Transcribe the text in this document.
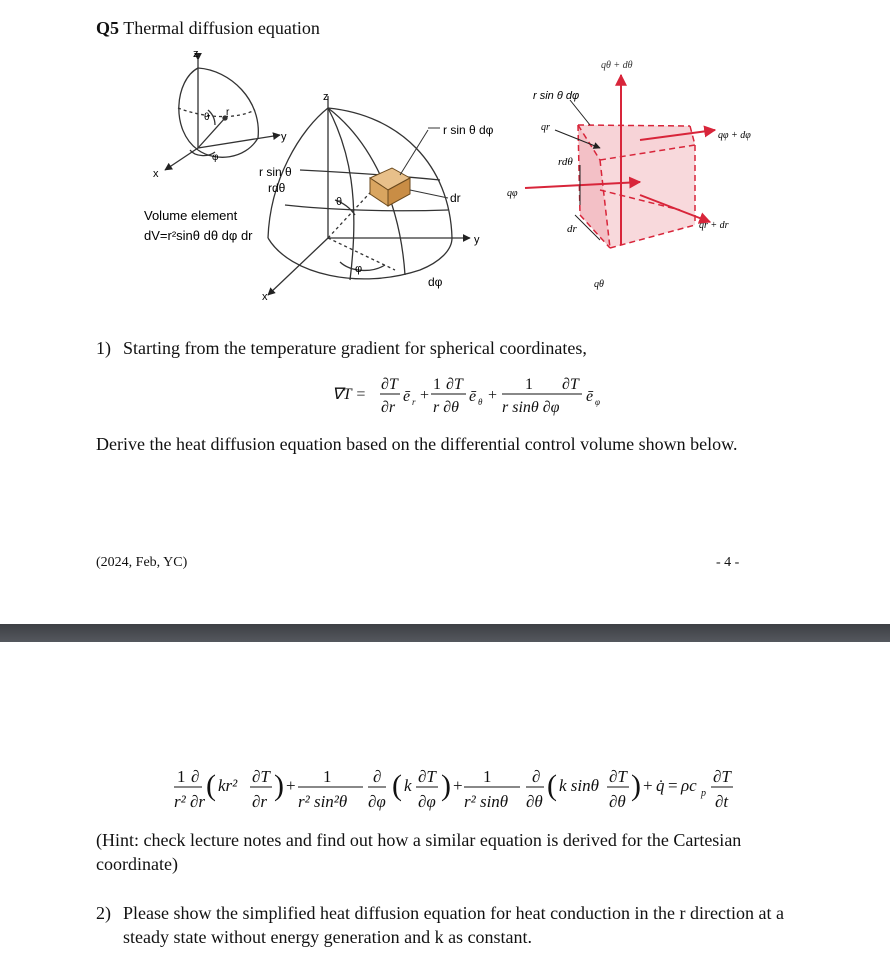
Q5 Thermal diffusion equation
z
y
x
θ
φ
r
z
y
x
θ
φ
r sin θ
rdθ
r sin θ dφ
dr
dφ
Volume element
dV=r²sinθ dθ dφ dr
qθ + dθ
r sin θ dφ
qr
qφ + dφ
rdθ
qφ
dr	qr + dr
qθ
1) Starting from the temperature gradient for spherical coordinates,
∇T =
∂T
∂r
ē r +
1 ∂T
r ∂θ
ē θ +
1 ∂T
r sinθ ∂φ
ē φ
Derive the heat diffusion equation based on the differential control volume shown below.
(2024, Feb, YC)	- 4 -
1 ∂
r² ∂r ( kr² ∂T
∂r ) + 1
r² sin²θ
∂
∂φ ( k ∂T
∂φ ) + 1
r² sinθ
∂
∂θ ( k sinθ ∂T
∂θ ) + q̇ = ρc p
∂T
∂t
(Hint: check lecture notes and find out how a similar equation is derived for the Cartesian coordinate)
2) Please show the simplified heat diffusion equation for heat conduction in the r direction at a steady state without energy generation and k as constant.
